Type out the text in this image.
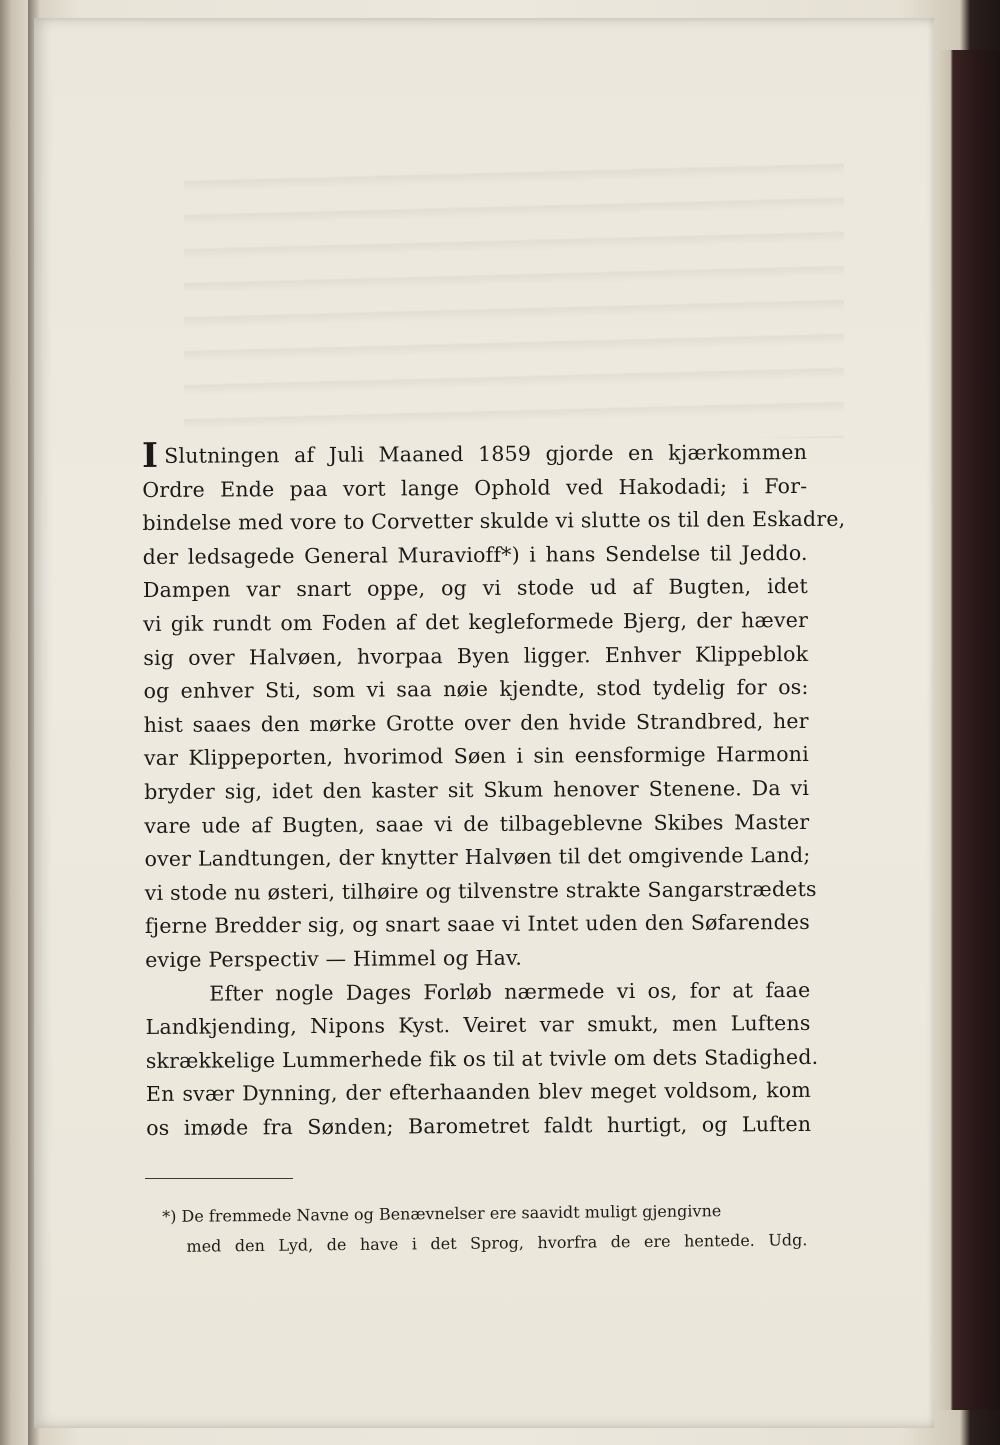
I Slutningen af Juli Maaned 1859 gjorde en kjærkommen
Ordre Ende paa vort lange Ophold ved Hakodadi; i For-
bindelse med vore to Corvetter skulde vi slutte os til den Eskadre,
der ledsagede General Muravioff*) i hans Sendelse til Jeddo.
Dampen var snart oppe, og vi stode ud af Bugten, idet
vi gik rundt om Foden af det kegleformede Bjerg, der hæver
sig over Halvøen, hvorpaa Byen ligger. Enhver Klippeblok
og enhver Sti, som vi saa nøie kjendte, stod tydelig for os:
hist saaes den mørke Grotte over den hvide Strandbred, her
var Klippeporten, hvorimod Søen i sin eensformige Harmoni
bryder sig, idet den kaster sit Skum henover Stenene. Da vi
vare ude af Bugten, saae vi de tilbageblevne Skibes Master
over Landtungen, der knytter Halvøen til det omgivende Land;
vi stode nu østeri, tilhøire og tilvenstre strakte Sangarstrædets
fjerne Bredder sig, og snart saae vi Intet uden den Søfarendes
evige Perspectiv — Himmel og Hav.
Efter nogle Dages Forløb nærmede vi os, for at faae
Landkjending, Nipons Kyst. Veiret var smukt, men Luftens
skrækkelige Lummerhede fik os til at tvivle om dets Stadighed.
En svær Dynning, der efterhaanden blev meget voldsom, kom
os imøde fra Sønden; Barometret faldt hurtigt, og Luften
*) De fremmede Navne og Benævnelser ere saavidt muligt gjengivne
med den Lyd, de have i det Sprog, hvorfra de ere hentede. Udg.
